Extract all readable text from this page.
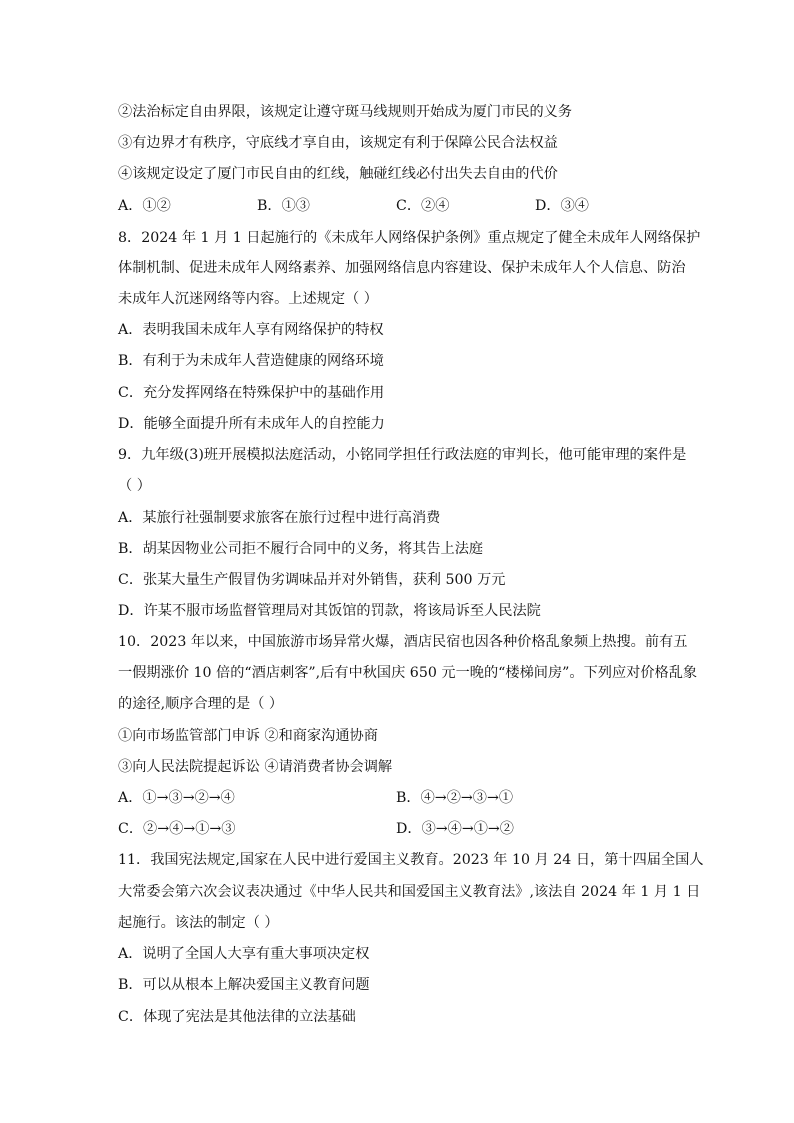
②法治标定自由界限，该规定让遵守斑马线规则开始成为厦门市民的义务
③有边界才有秩序，守底线才享自由，该规定有利于保障公民合法权益
④该规定设定了厦门市民自由的红线，触碰红线必付出失去自由的代价
A．①②	B．①③	C．②④	D．③④
8．2024 年 1 月 1 日起施行的《未成年人网络保护条例》重点规定了健全未成年人网络保护
体制机制、促进未成年人网络素养、加强网络信息内容建设、保护未成年人个人信息、防治
未成年人沉迷网络等内容。上述规定（ ）
A．表明我国未成年人享有网络保护的特权
B．有利于为未成年人营造健康的网络环境
C．充分发挥网络在特殊保护中的基础作用
D．能够全面提升所有未成年人的自控能力
9．九年级(3)班开展模拟法庭活动，小铭同学担任行政法庭的审判长，他可能审理的案件是
（ ）
A．某旅行社强制要求旅客在旅行过程中进行高消费
B．胡某因物业公司拒不履行合同中的义务，将其告上法庭
C．张某大量生产假冒伪劣调味品并对外销售，获利 500 万元
D．许某不服市场监督管理局对其饭馆的罚款，将该局诉至人民法院
10．2023 年以来，中国旅游市场异常火爆，酒店民宿也因各种价格乱象频上热搜。前有五
一假期涨价 10 倍的“酒店刺客”,后有中秋国庆 650 元一晚的“楼梯间房”。下列应对价格乱象
的途径,顺序合理的是（ ）
①向市场监管部门申诉 ②和商家沟通协商
③向人民法院提起诉讼 ④请消费者协会调解
A．①→③→②→④	B．④→②→③→①
C．②→④→①→③	D．③→④→①→②
11．我国宪法规定,国家在人民中进行爱国主义教育。2023 年 10 月 24 日，第十四届全国人
大常委会第六次会议表决通过《中华人民共和国爱国主义教育法》,该法自 2024 年 1 月 1 日
起施行。该法的制定（ ）
A．说明了全国人大享有重大事项决定权
B．可以从根本上解决爱国主义教育问题
C．体现了宪法是其他法律的立法基础
